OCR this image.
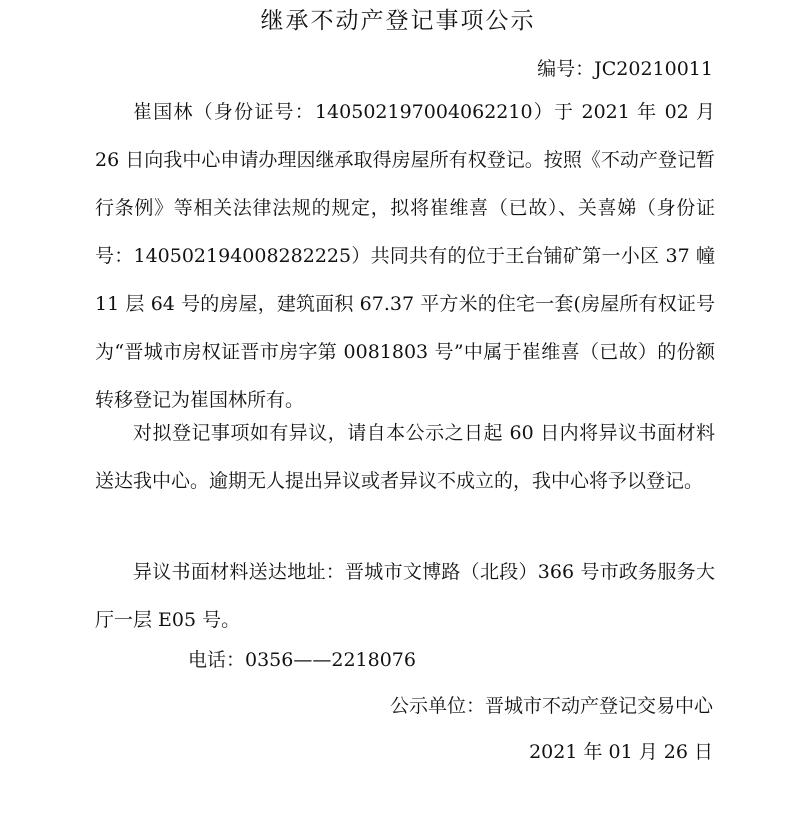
继承不动产登记事项公示
编号：JC20210011

崔国林（身份证号：140502197004062210）于 2021 年 02 月 26 日向我中心申请办理因继承取得房屋所有权登记。按照《不动产登记暂行条例》等相关法律法规的规定，拟将崔维喜（已故）、关喜娣（身份证号：140502194008282225）共同共有的位于王台铺矿第一小区 37 幢 11 层 64 号的房屋，建筑面积 67.37 平方米的住宅一套(房屋所有权证号为“晋城市房权证晋市房字第 0081803 号”中属于崔维喜（已故）的份额转移登记为崔国林所有。

对拟登记事项如有异议，请自本公示之日起 60 日内将异议书面材料送达我中心。逾期无人提出异议或者异议不成立的，我中心将予以登记。

异议书面材料送达地址：晋城市文博路（北段）366 号市政务服务大厅一层 E05 号。

电话：0356——2218076
公示单位：晋城市不动产登记交易中心
2021 年 01 月 26 日
